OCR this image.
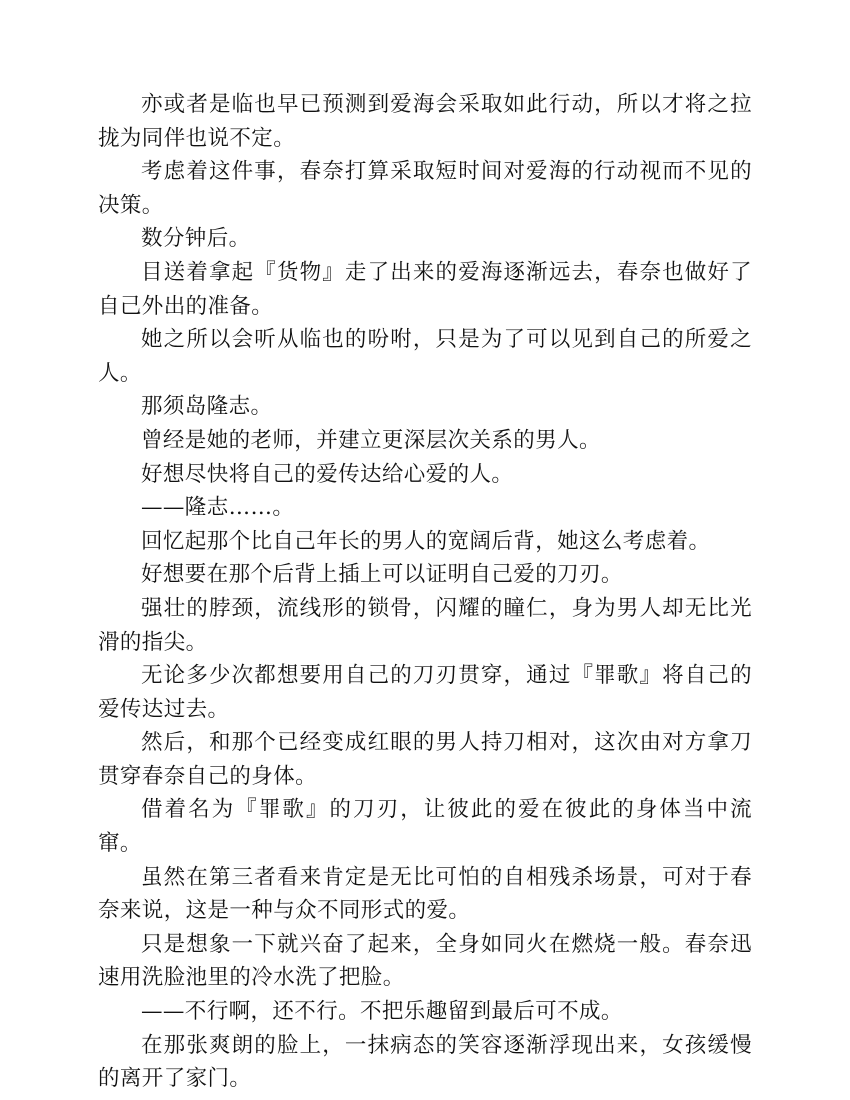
亦或者是临也早已预测到爱海会采取如此行动，所以才将之拉拢为同伴也说不定。

考虑着这件事，春奈打算采取短时间对爱海的行动视而不见的决策。

数分钟后。

目送着拿起『货物』走了出来的爱海逐渐远去，春奈也做好了自己外出的准备。

她之所以会听从临也的吩咐，只是为了可以见到自己的所爱之人。

那须岛隆志。

曾经是她的老师，并建立更深层次关系的男人。

好想尽快将自己的爱传达给心爱的人。

——隆志……。

回忆起那个比自己年长的男人的宽阔后背，她这么考虑着。

好想要在那个后背上插上可以证明自己爱的刀刃。

强壮的脖颈，流线形的锁骨，闪耀的瞳仁，身为男人却无比光滑的指尖。

无论多少次都想要用自己的刀刃贯穿，通过『罪歌』将自己的爱传达过去。

然后，和那个已经变成红眼的男人持刀相对，这次由对方拿刀贯穿春奈自己的身体。

借着名为『罪歌』的刀刃，让彼此的爱在彼此的身体当中流窜。

虽然在第三者看来肯定是无比可怕的自相残杀场景，可对于春奈来说，这是一种与众不同形式的爱。

只是想象一下就兴奋了起来，全身如同火在燃烧一般。春奈迅速用洗脸池里的冷水洗了把脸。

——不行啊，还不行。不把乐趣留到最后可不成。

在那张爽朗的脸上，一抹病态的笑容逐渐浮现出来，女孩缓慢的离开了家门。
